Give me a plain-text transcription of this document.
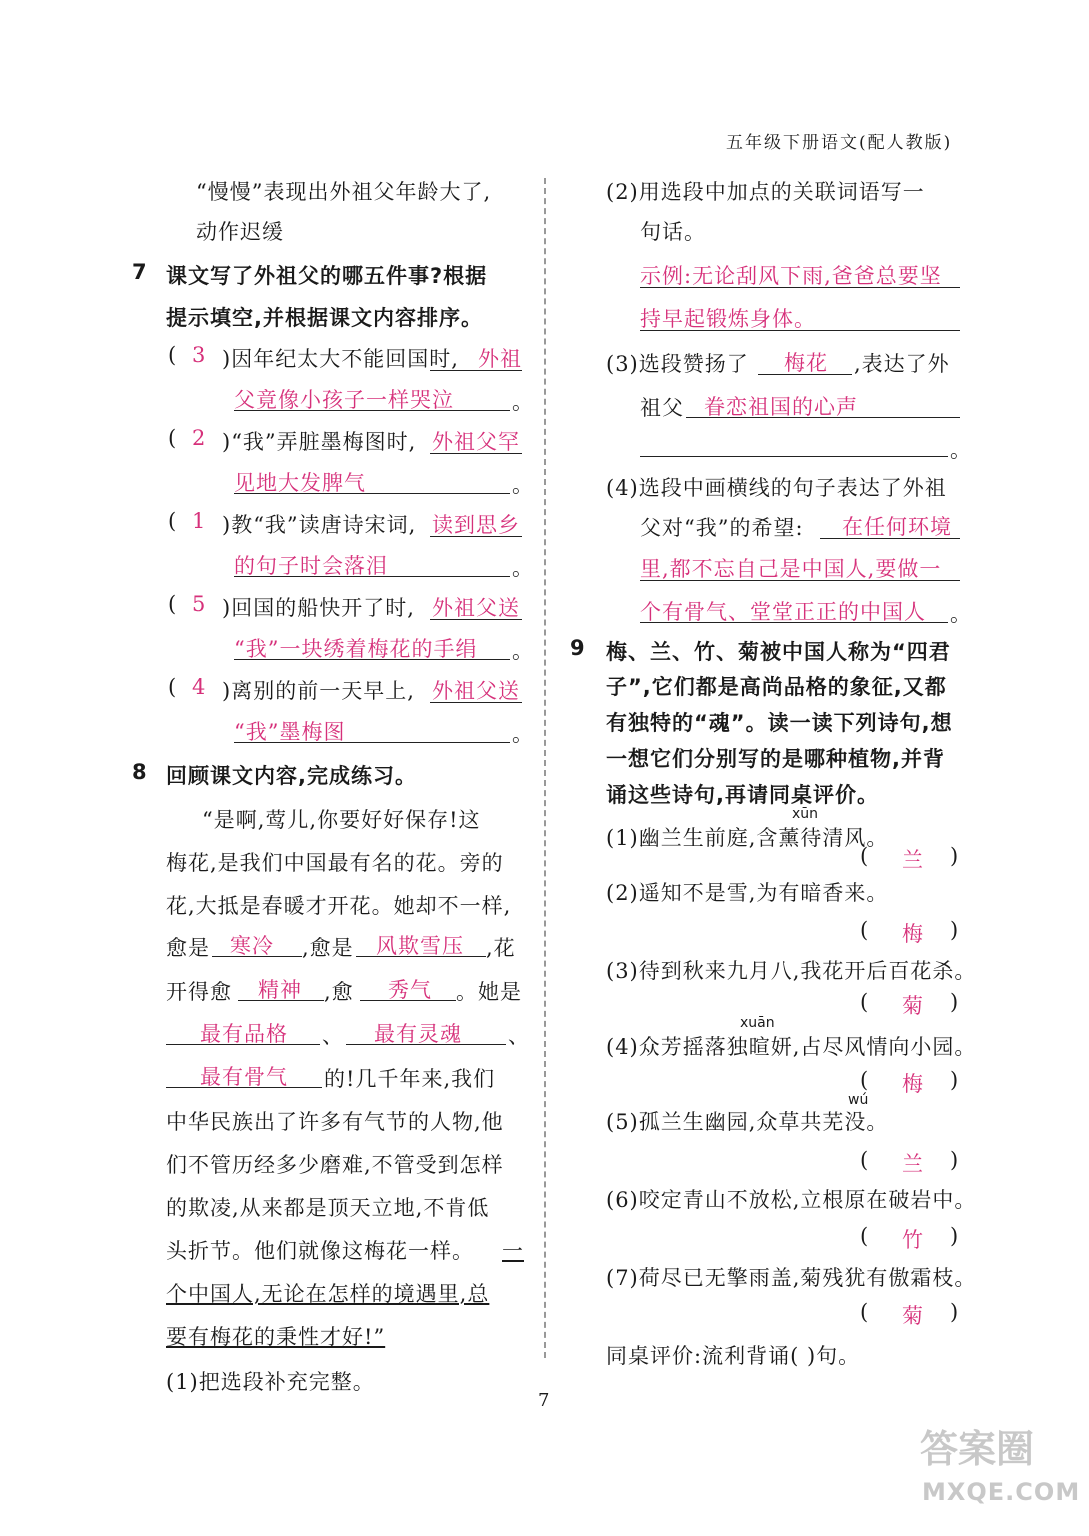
五年级下册语文(配人教版)
“慢慢”表现出外祖父年龄大了,
动作迟缓
7 课文写了外祖父的哪五件事?根据
提示填空,并根据课文内容排序。
( 3 )因年纪太大不能回国时, 外祖
父竟像小孩子一样哭泣	。
( 2 )“我”弄脏墨梅图时, 外祖父罕
见地大发脾气	。
( 1 )教“我”读唐诗宋词, 读到思乡
的句子时会落泪	。
( 5 )回国的船快开了时, 外祖父送
“我”一块绣着梅花的手绢 。
( 4 )离别的前一天早上, 外祖父送
“我”墨梅图	。
8 回顾课文内容,完成练习。
“是啊,莺儿,你要好好保存!这
梅花,是我们中国最有名的花。旁的
花,大抵是春暖才开花。她却不一样,
愈是 寒冷 ,愈是 风欺雪压 ,花
开得愈 精神 ,愈 秀气 。她是
最有品格 、 最有灵魂 、
最有骨气 的!几千年来,我们
中华民族出了许多有气节的人物,他
们不管历经多少磨难,不管受到怎样
的欺凌,从来都是顶天立地,不肯低
头折节。他们就像这梅花一样。 一
个中国人,无论在怎样的境遇里,总
要有梅花的秉性才好!”
(1)把选段补充完整。
(2)用选段中加点的关联词语写一
句话。
示例:无论刮风下雨,爸爸总要坚
持早起锻炼身体。
(3)选段赞扬了 梅花 ,表达了外
祖父 眷恋祖国的心声
。
(4)选段中画横线的句子表达了外祖
父对“我”的希望: 在任何环境
里,都不忘自己是中国人,要做一
个有骨气、堂堂正正的中国人 。
9 梅、兰、竹、菊被中国人称为“四君
子”,它们都是高尚品格的象征,又都
有独特的“魂”。读一读下列诗句,想
一想它们分别写的是哪种植物,并背
诵这些诗句,再请同桌评价。
xūn
(1)幽兰生前庭,含薰待清风。
( 兰 )
(2)遥知不是雪,为有暗香来。
( 梅 )
(3)待到秋来九月八,我花开后百花杀。
( 菊 )
xuān
(4)众芳摇落独暄妍,占尽风情向小园。
( 梅 )
wú
(5)孤兰生幽园,众草共芜没。
( 兰 )
(6)咬定青山不放松,立根原在破岩中。
( 竹 )
(7)荷尽已无擎雨盖,菊残犹有傲霜枝。
( 菊 )
同桌评价:流利背诵( )句。
7
答案圈
MXQE.COM
